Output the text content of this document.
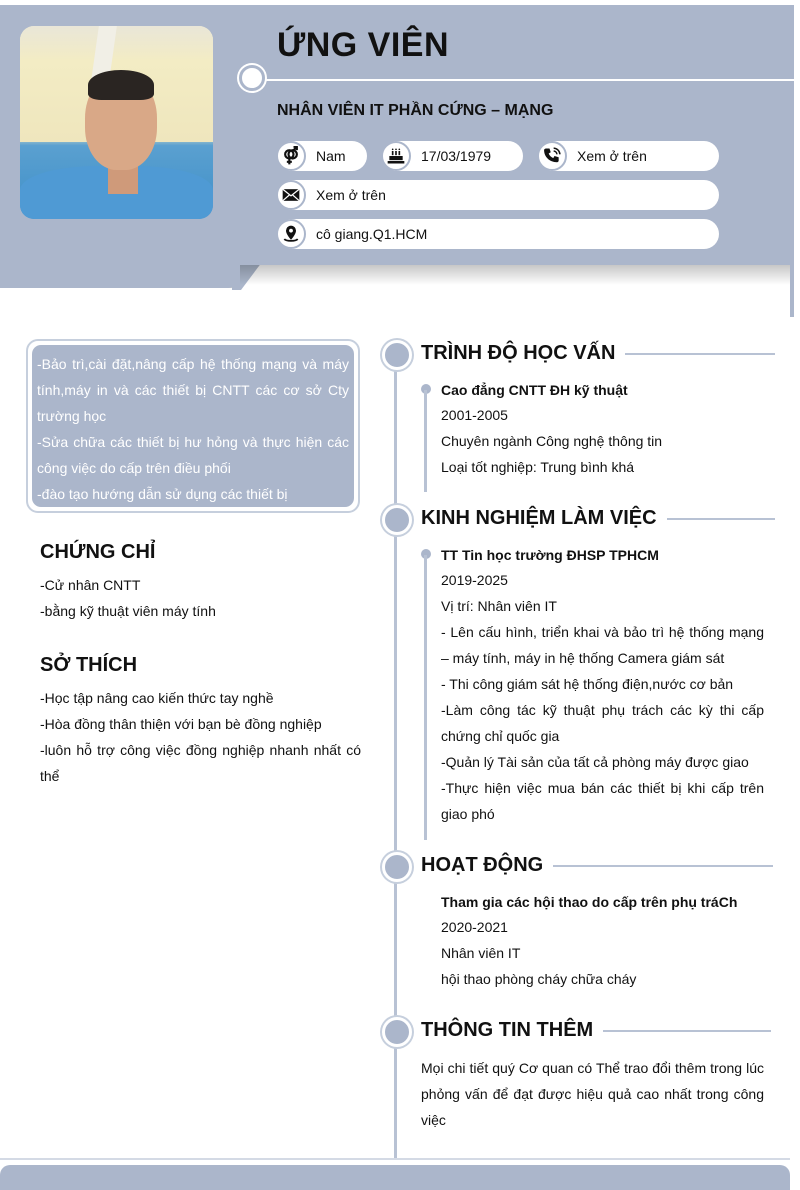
ỨNG VIÊN
NHÂN VIÊN IT PHẦN CỨNG – MẠNG
Nam	17/03/1979	Xem ở trên
Xem ở trên
cô giang.Q1.HCM

-Bảo trì,cài đặt,nâng cấp hệ thống mạng và máy tính,máy in và các thiết bị CNTT các cơ sở Cty trường học

-Sửa chữa các thiết bị hư hỏng và thực hiện các công việc do cấp trên điều phối

-đào tạo hướng dẫn sử dụng các thiết bị

CHỨNG CHỈ

-Cử nhân CNTT

-bằng kỹ thuật viên máy tính

SỞ THÍCH

-Học tập nâng cao kiến thức tay nghề

-Hòa đồng thân thiện với bạn bè đồng nghiệp

-luôn hỗ trợ công việc đồng nghiệp nhanh nhất có thể

TRÌNH ĐỘ HỌC VẤN

Cao đẳng CNTT ĐH kỹ thuật

2001-2005

Chuyên ngành Công nghệ thông tin

Loại tốt nghiệp: Trung bình khá

KINH NGHIỆM LÀM VIỆC

TT Tin học trường ĐHSP TPHCM

2019-2025

Vị trí: Nhân viên IT

- Lên cấu hình, triển khai và bảo trì hệ thống mạng – máy tính, máy in hệ thống Camera giám sát

- Thi công giám sát hệ thống điện,nước cơ bản

-Làm công tác kỹ thuật phụ trách các kỳ thi cấp chứng chỉ quốc gia

-Quản lý Tài sản của tất cả phòng máy được giao

-Thực hiện việc mua bán các thiết bị khi cấp trên giao phó

HOẠT ĐỘNG

Tham gia các hội thao do cấp trên phụ tráCh

2020-2021

Nhân viên IT

hội thao phòng cháy chữa cháy

THÔNG TIN THÊM

Mọi chi tiết quý Cơ quan có Thể trao đổi thêm trong lúc phỏng vấn để đạt được hiệu quả cao nhất trong công việc
